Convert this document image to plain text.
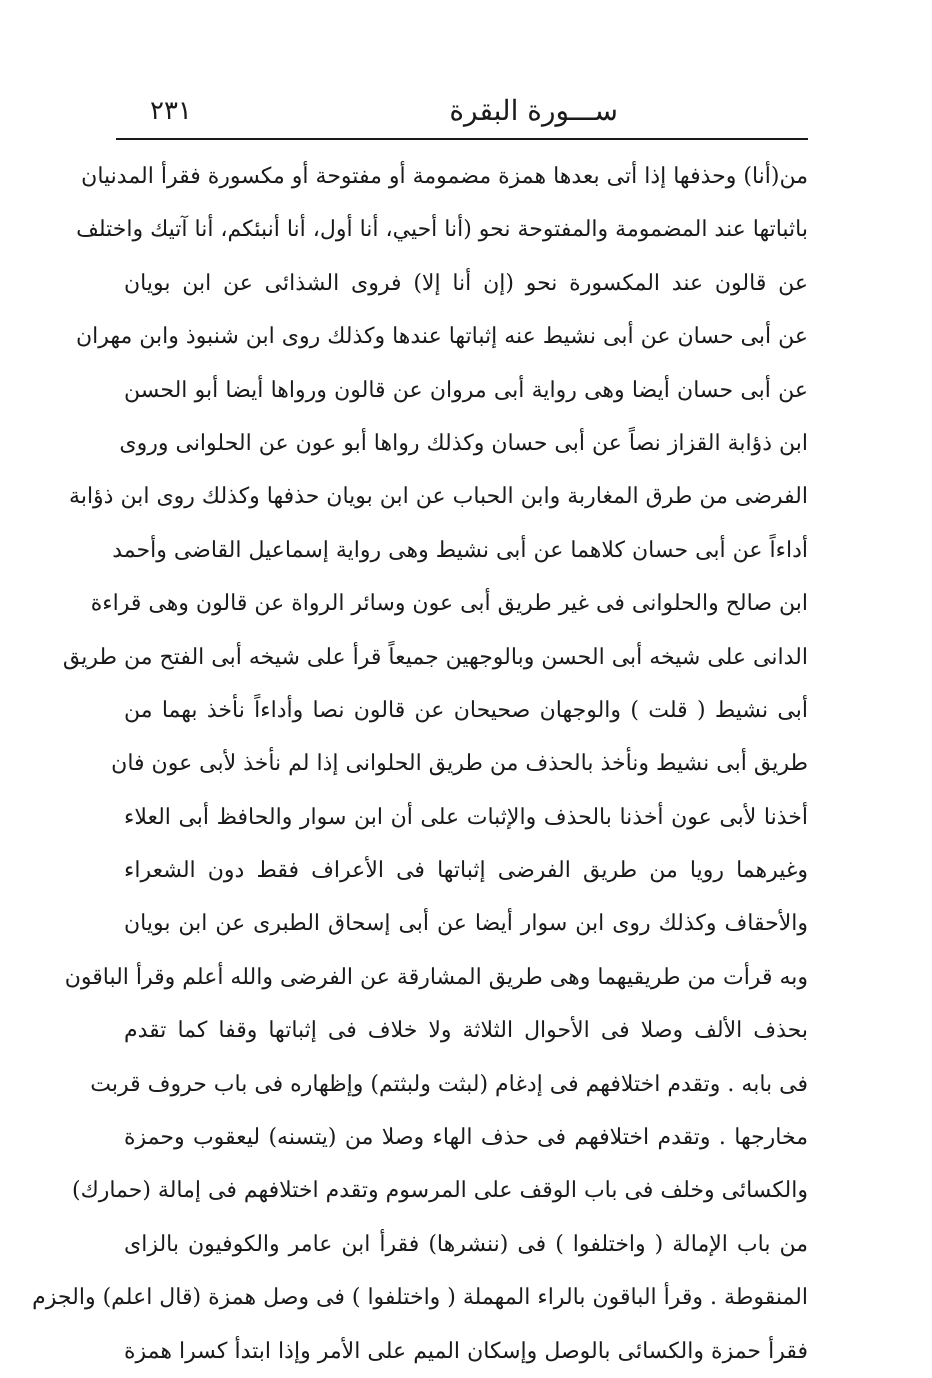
ســـورة البقرة
٢٣١
من(أنا) وحذفها إذا أتى بعدها همزة مضمومة أو مفتوحة أو مكسورة فقرأ المدنيان
باثباتها عند المضمومة والمفتوحة نحو (أنا أحيي، أنا أول، أنا أنبئكم، أنا آتيك واختلف
عن قالون عند المكسورة نحو (إن أنا إلا) فروى الشذائى عن ابن بويان
عن أبى حسان عن أبى نشيط عنه إثباتها عندها وكذلك روى ابن شنبوذ وابن مهران
عن أبى حسان أيضا وهى رواية أبى مروان عن قالون ورواها أيضا أبو الحسن
ابن ذؤابة القزاز نصاً عن أبى حسان وكذلك رواها أبو عون عن الحلوانى وروى
الفرضى من طرق المغاربة وابن الحباب عن ابن بويان حذفها وكذلك روى ابن ذؤابة
أداءاً عن أبى حسان كلاهما عن أبى نشيط وهى رواية إسماعيل القاضى وأحمد
ابن صالح والحلوانى فى غير طريق أبى عون وسائر الرواة عن قالون وهى قراءة
الدانى على شيخه أبى الحسن وبالوجهين جميعاً قرأ على شيخه أبى الفتح من طريق
أبى نشيط ( قلت ) والوجهان صحيحان عن قالون نصا وأداءاً نأخذ بهما من
طريق أبى نشيط ونأخذ بالحذف من طريق الحلوانى إذا لم نأخذ لأبى عون فان
أخذنا لأبى عون أخذنا بالحذف والإثبات على أن ابن سوار والحافظ أبى العلاء
وغيرهما رويا من طريق الفرضى إثباتها فى الأعراف فقط دون الشعراء
والأحقاف وكذلك روى ابن سوار أيضا عن أبى إسحاق الطبرى عن ابن بويان
وبه قرأت من طريقيهما وهى طريق المشارقة عن الفرضى والله أعلم وقرأ الباقون
بحذف الألف وصلا فى الأحوال الثلاثة ولا خلاف فى إثباتها وقفا كما تقدم
فى بابه . وتقدم اختلافهم فى إدغام (لبثت ولبثتم) وإظهاره فى باب حروف قربت
مخارجها . وتقدم اختلافهم فى حذف الهاء وصلا من (يتسنه) ليعقوب وحمزة
والكسائى وخلف فى باب الوقف على المرسوم وتقدم اختلافهم فى إمالة (حمارك)
من باب الإمالة ( واختلفوا ) فى (ننشرها) فقرأ ابن عامر والكوفيون بالزاى
المنقوطة . وقرأ الباقون بالراء المهملة ( واختلفوا ) فى وصل همزة (قال اعلم) والجزم
فقرأ حمزة والكسائى بالوصل وإسكان الميم على الأمر وإذا ابتدأ كسرا همزة
